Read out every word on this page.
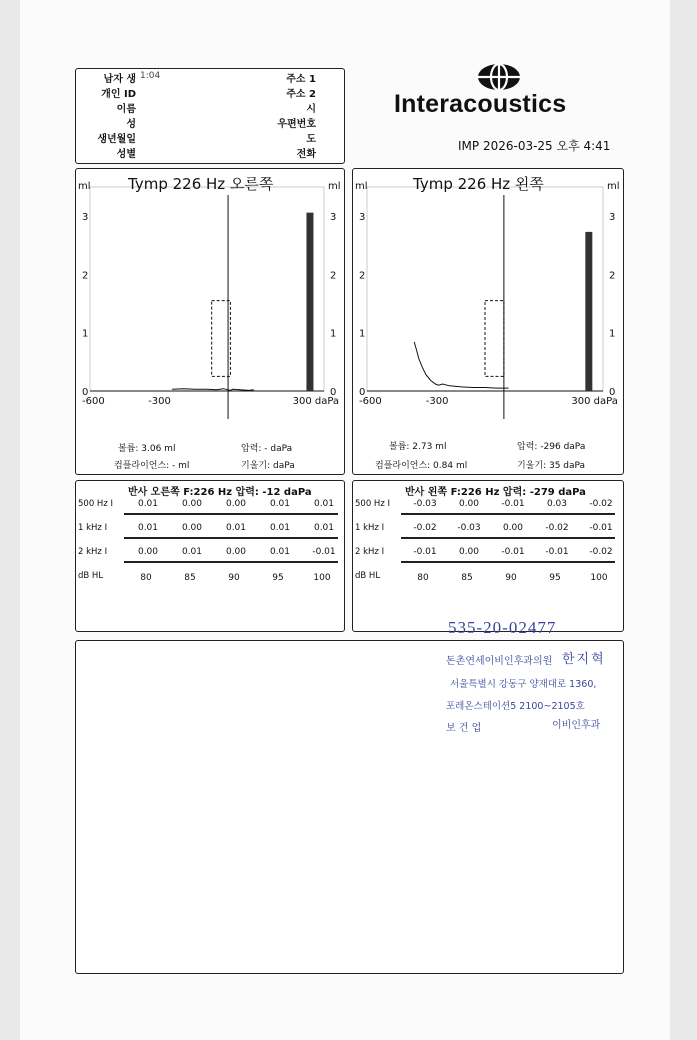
남자 생 1:04	주소 1
개인 ID	주소 2
이름	시
성	우편번호
생년월일	도
성별	전화
Interacoustics
IMP 2026-03-25 오후 4:41
ml	ml
0	0
1	1
2	2
3	3
-600	-300	300 daPa
Tymp 226 Hz 오른쪽
볼륨: 3.06 ml	압력: - daPa
컴플라이언스: - ml	기울기: daPa
ml	ml
0	0
1	1
2	2
3	3
-600	-300	300 daPa
Tymp 226 Hz 왼쪽
볼륨: 2.73 ml	압력: -296 daPa
컴플라이언스: 0.84 ml	기울기: 35 daPa
반사 오른쪽 F:226 Hz 압력: -12 daPa
500 Hz I	0.01	0.00	0.00	0.01	0.01
1 kHz I	0.01	0.00	0.01	0.01	0.01
2 kHz I	0.00	0.01	0.00	0.01	-0.01
dB HL	80	85	90	95	100
반사 왼쪽 F:226 Hz 압력: -279 daPa
500 Hz I	-0.03	0.00	-0.01	0.03	-0.02
1 kHz I	-0.02	-0.03	0.00	-0.02	-0.01
2 kHz I	-0.01	0.00	-0.01	-0.01	-0.02
dB HL	80	85	90	95	100
535-20-02477
돈촌연세이비인후과의원 한지혁
서울특별시 강동구 양재대로 1360,
포레온스테이션5 2100~2105호
보 건 업	이비인후과
